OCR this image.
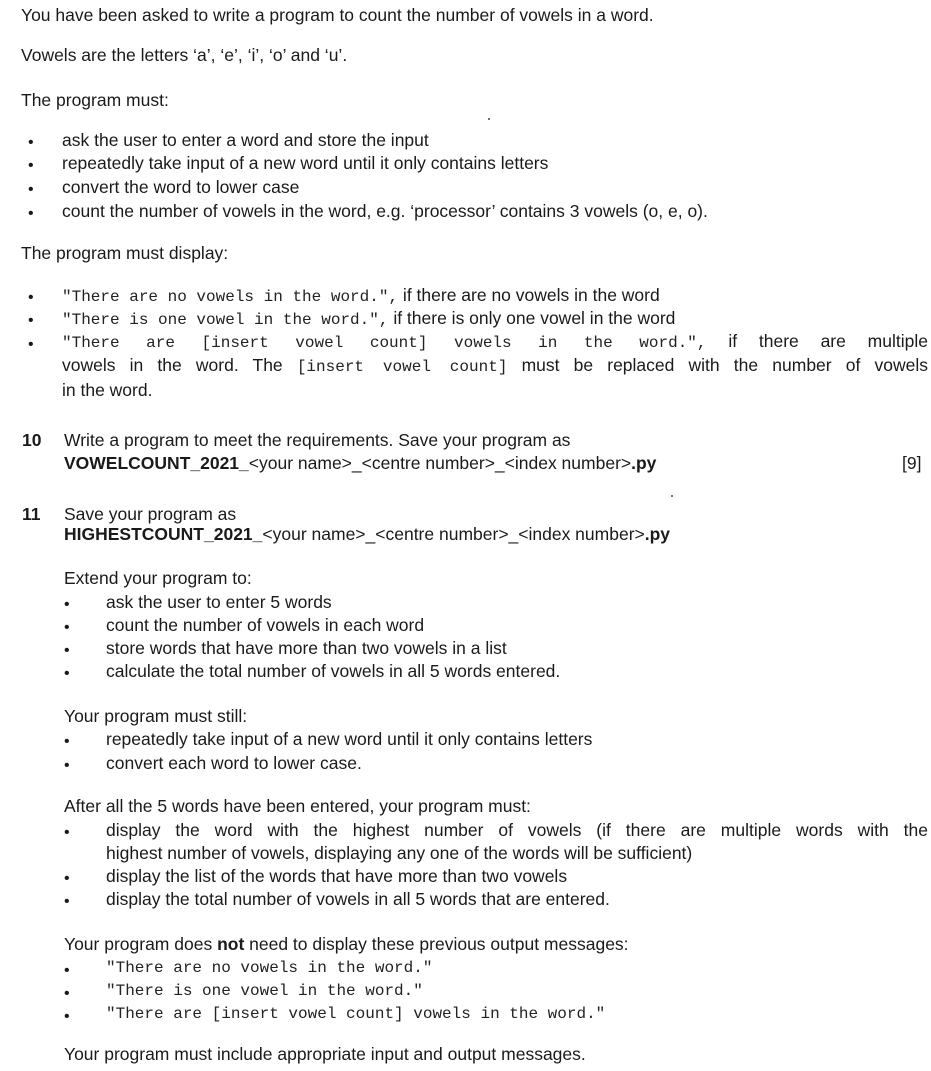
You have been asked to write a program to count the number of vowels in a word.
Vowels are the letters ‘a’, ‘e’, ‘i’, ‘o’ and ‘u’.
The program must:
• ask the user to enter a word and store the input
• repeatedly take input of a new word until it only contains letters
• convert the word to lower case
• count the number of vowels in the word, e.g. ‘processor’ contains 3 vowels (o, e, o).
The program must display:
• "There are no vowels in the word.", if there are no vowels in the word
• "There is one vowel in the word.", if there is only one vowel in the word
• "There are [insert vowel count] vowels in the word.", if there are multiple
vowels in the word. The [insert vowel count] must be replaced with the number of vowels
in the word.
10 Write a program to meet the requirements. Save your program as
VOWELCOUNT_2021_<your name>_<centre number>_<index number>.py	[9]
11 Save your program as
HIGHESTCOUNT_2021_<your name>_<centre number>_<index number>.py
Extend your program to:
• ask the user to enter 5 words
• count the number of vowels in each word
• store words that have more than two vowels in a list
• calculate the total number of vowels in all 5 words entered.
Your program must still:
• repeatedly take input of a new word until it only contains letters
• convert each word to lower case.
After all the 5 words have been entered, your program must:
• display the word with the highest number of vowels (if there are multiple words with the
highest number of vowels, displaying any one of the words will be sufficient)
• display the list of the words that have more than two vowels
• display the total number of vowels in all 5 words that are entered.
Your program does not need to display these previous output messages:
• "There are no vowels in the word."
• "There is one vowel in the word."
• "There are [insert vowel count] vowels in the word."
Your program must include appropriate input and output messages.
